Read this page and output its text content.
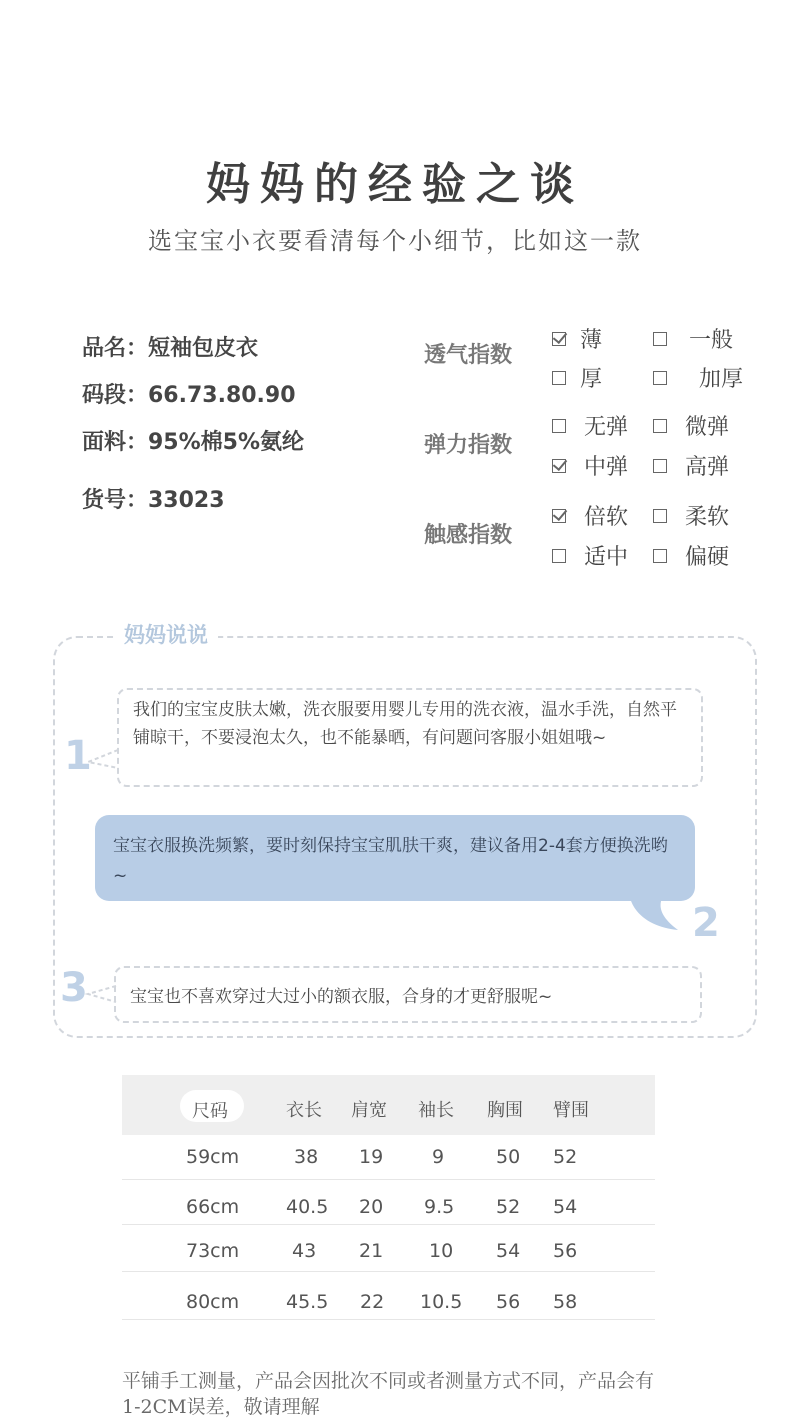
妈妈的经验之谈
选宝宝小衣要看清每个小细节，比如这一款
品名：短袖包皮衣
码段：66.73.80.90
面料：95%棉5%氨纶
货号：33023
透气指数
薄	一般
厚	加厚
弹力指数
无弹	微弹
中弹	高弹
触感指数
倍软	柔软
适中	偏硬
妈妈说说
1
我们的宝宝皮肤太嫩，洗衣服要用婴儿专用的洗衣液，温水手洗，自然平铺晾干，不要浸泡太久，也不能暴晒，有问题问客服小姐姐哦~
宝宝衣服换洗频繁，要时刻保持宝宝肌肤干爽，建议备用2-4套方便换洗哟~
2
3	宝宝也不喜欢穿过大过小的额衣服，合身的才更舒服呢~
尺码	衣长 肩宽 袖长 胸围 臂围
59cm	38 19	9	50 52
66cm 40.5 20 9.5 52 54
73cm	43 21 10 54 56
80cm 45.5 22 10.5 56 58
平铺手工测量，产品会因批次不同或者测量方式不同，产品会有1-2CM误差，敬请理解
